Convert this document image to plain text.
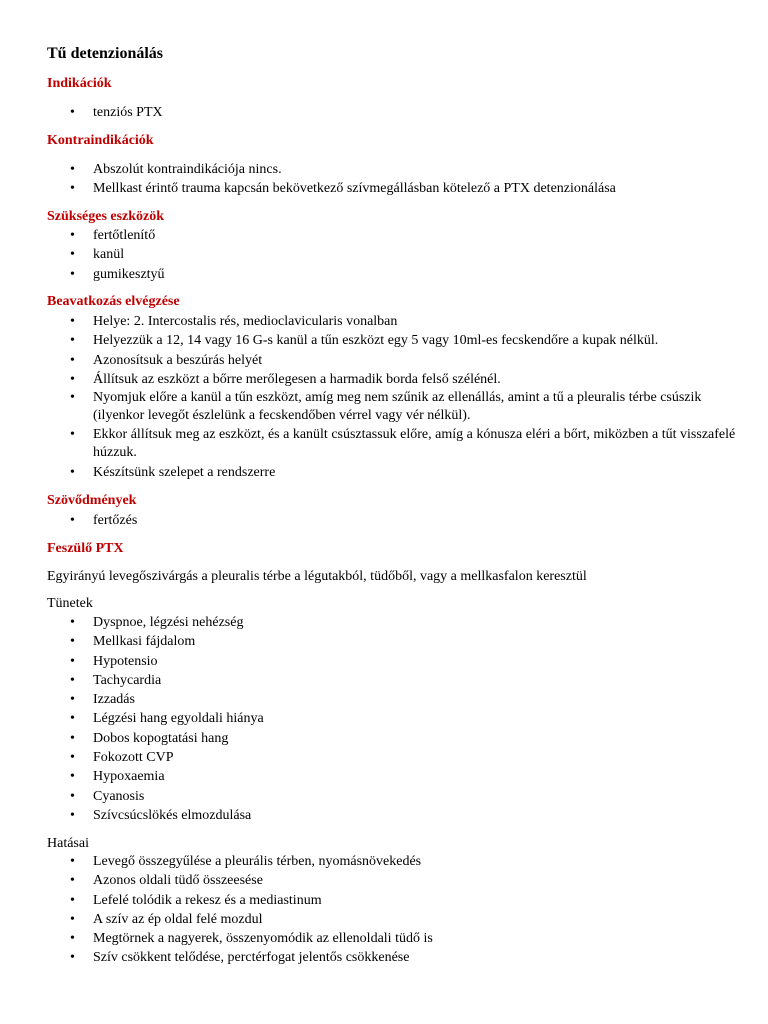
Tű detenzionálás
Indikációk
• tenziós PTX
Kontraindikációk
• Abszolút kontraindikációja nincs.
• Mellkast érintő trauma kapcsán bekövetkező szívmegállásban kötelező a PTX detenzionálása
Szükséges eszközök
• fertőtlenítő
• kanül
• gumikesztyű
Beavatkozás elvégzése
• Helye: 2. Intercostalis rés, medioclavicularis vonalban
• Helyezzük a 12, 14 vagy 16 G-s kanül a tűn eszközt egy 5 vagy 10ml-es fecskendőre a kupak nélkül.
• Azonosítsuk a beszúrás helyét
• Állítsuk az eszközt a bőrre merőlegesen a harmadik borda felső szélénél.
• Nyomjuk előre a kanül a tűn eszközt, amíg meg nem szűnik az ellenállás, amint a tű a pleuralis térbe csúszik (ilyenkor levegőt észlelünk a fecskendőben vérrel vagy vér nélkül).
• Ekkor állítsuk meg az eszközt, és a kanült csúsztassuk előre, amíg a kónusza eléri a bőrt, miközben a tűt visszafelé húzzuk.
• Készítsünk szelepet a rendszerre
Szövődmények
• fertőzés
Feszülő PTX
Egyirányú levegőszivárgás a pleuralis térbe a légutakból, tüdőből, vagy a mellkasfalon keresztül
Tünetek
• Dyspnoe, légzési nehézség
• Mellkasi fájdalom
• Hypotensio
• Tachycardia
• Izzadás
• Légzési hang egyoldali hiánya
• Dobos kopogtatási hang
• Fokozott CVP
• Hypoxaemia
• Cyanosis
• Szívcsúcslökés elmozdulása
Hatásai
• Levegő összegyűlése a pleurális térben, nyomásnövekedés
• Azonos oldali tüdő összeesése
• Lefelé tolódik a rekesz és a mediastinum
• A szív az ép oldal felé mozdul
• Megtörnek a nagyerek, összenyomódik az ellenoldali tüdő is
• Szív csökkent telődése, perctérfogat jelentős csökkenése
